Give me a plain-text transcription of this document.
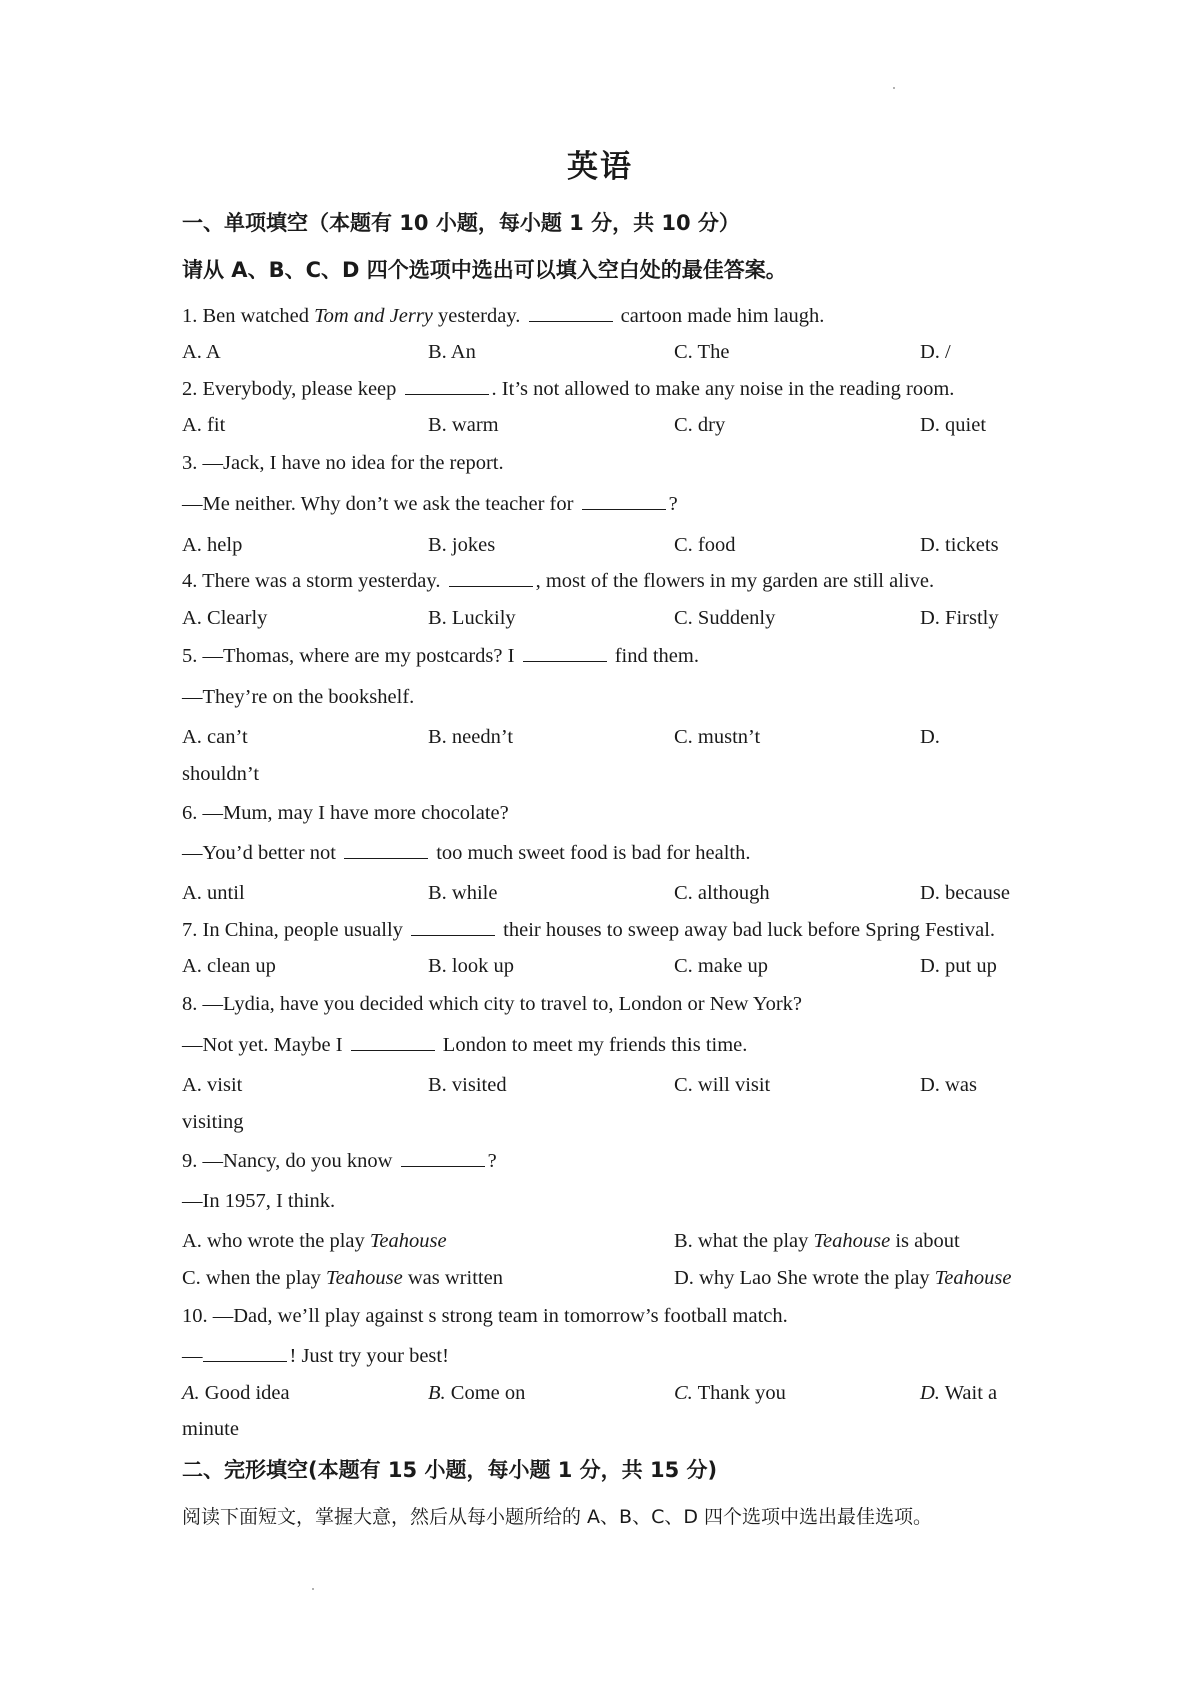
英语
一、单项填空（本题有 10 小题，每小题 1 分，共 10 分）
请从 A、B、C、D 四个选项中选出可以填入空白处的最佳答案。
1. Ben watched Tom and Jerry yesterday.	cartoon made him laugh.
A. A	B. An	C. The	D. /
2. Everybody, please keep	. It’s not allowed to make any noise in the reading room.
A. fit	B. warm	C. dry	D. quiet
3. —Jack, I have no idea for the report.
—Me neither. Why don’t we ask the teacher for	?
A. help	B. jokes	C. food	D. tickets
4. There was a storm yesterday.	, most of the flowers in my garden are still alive.
A. Clearly	B. Luckily	C. Suddenly	D. Firstly
5. —Thomas, where are my postcards? I	find them.
—They’re on the bookshelf.
A. can’t	B. needn’t	C. mustn’t	D.
shouldn’t
6. —Mum, may I have more chocolate?
—You’d better not	too much sweet food is bad for health.
A. until	B. while	C. although	D. because
7. In China, people usually	their houses to sweep away bad luck before Spring Festival.
A. clean up	B. look up	C. make up	D. put up
8. —Lydia, have you decided which city to travel to, London or New York?
—Not yet. Maybe I	London to meet my friends this time.
A. visit	B. visited	C. will visit	D. was
visiting
9. —Nancy, do you know	?
—In 1957, I think.
A. who wrote the play Teahouse	B. what the play Teahouse is about
C. when the play Teahouse was written	D. why Lao She wrote the play Teahouse
10. —Dad, we’ll play against s strong team in tomorrow’s football match.
—	! Just try your best!
A. Good idea	B. Come on	C. Thank you	D. Wait a
minute
二、完形填空(本题有 15 小题，每小题 1 分，共 15 分)
阅读下面短文，掌握大意，然后从每小题所给的 A、B、C、D 四个选项中选出最佳选项。
